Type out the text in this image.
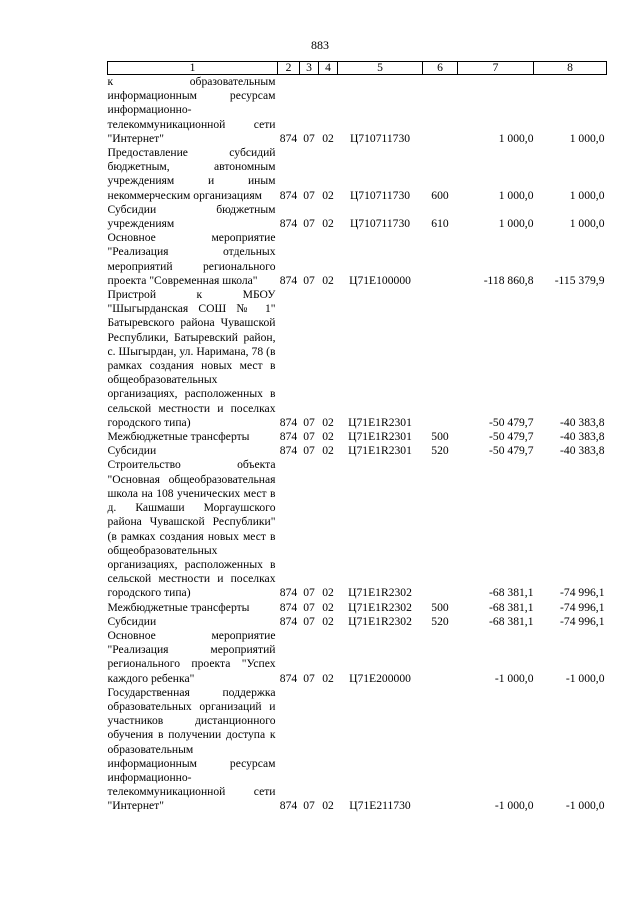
883
1	2	3	4	5	6	7	8
к образовательным информационным ресурсам информационно-телекоммуникационной сети "Интернет"	874	07	02	Ц710711730		1 000,0	1 000,0
Предоставление субсидий бюджетным, автономным учреждениям и иным некоммерческим организациям	874	07	02	Ц710711730	600	1 000,0	1 000,0
Субсидии бюджетным учреждениям	874	07	02	Ц710711730	610	1 000,0	1 000,0
Основное мероприятие "Реализация отдельных мероприятий регионального проекта "Современная школа"	874	07	02	Ц71Е100000		-118 860,8	-115 379,9
Пристрой к МБОУ "Шыгырданская СОШ № 1" Батыревского района Чувашской Республики, Батыревский район, с. Шыгырдан, ул. Наримана, 78 (в рамках создания новых мест в общеобразовательных организациях, расположенных в сельской местности и поселках городского типа)	874	07	02	Ц71Е1R2301		-50 479,7	-40 383,8
Межбюджетные трансферты	874	07	02	Ц71Е1R2301	500	-50 479,7	-40 383,8
Субсидии	874	07	02	Ц71Е1R2301	520	-50 479,7	-40 383,8
Строительство объекта "Основная общеобразовательная школа на 108 ученических мест в д. Кашмаши Моргаушского района Чувашской Республики" (в рамках создания новых мест в общеобразовательных организациях, расположенных в сельской местности и поселках городского типа)	874	07	02	Ц71Е1R2302		-68 381,1	-74 996,1
Межбюджетные трансферты	874	07	02	Ц71Е1R2302	500	-68 381,1	-74 996,1
Субсидии	874	07	02	Ц71Е1R2302	520	-68 381,1	-74 996,1
Основное мероприятие "Реализация мероприятий регионального проекта "Успех каждого ребенка"	874	07	02	Ц71Е200000		-1 000,0	-1 000,0
Государственная поддержка образовательных организаций и участников дистанционного обучения в получении доступа к образовательным информационным ресурсам информационно-телекоммуникационной сети "Интернет"	874	07	02	Ц71Е211730		-1 000,0	-1 000,0
